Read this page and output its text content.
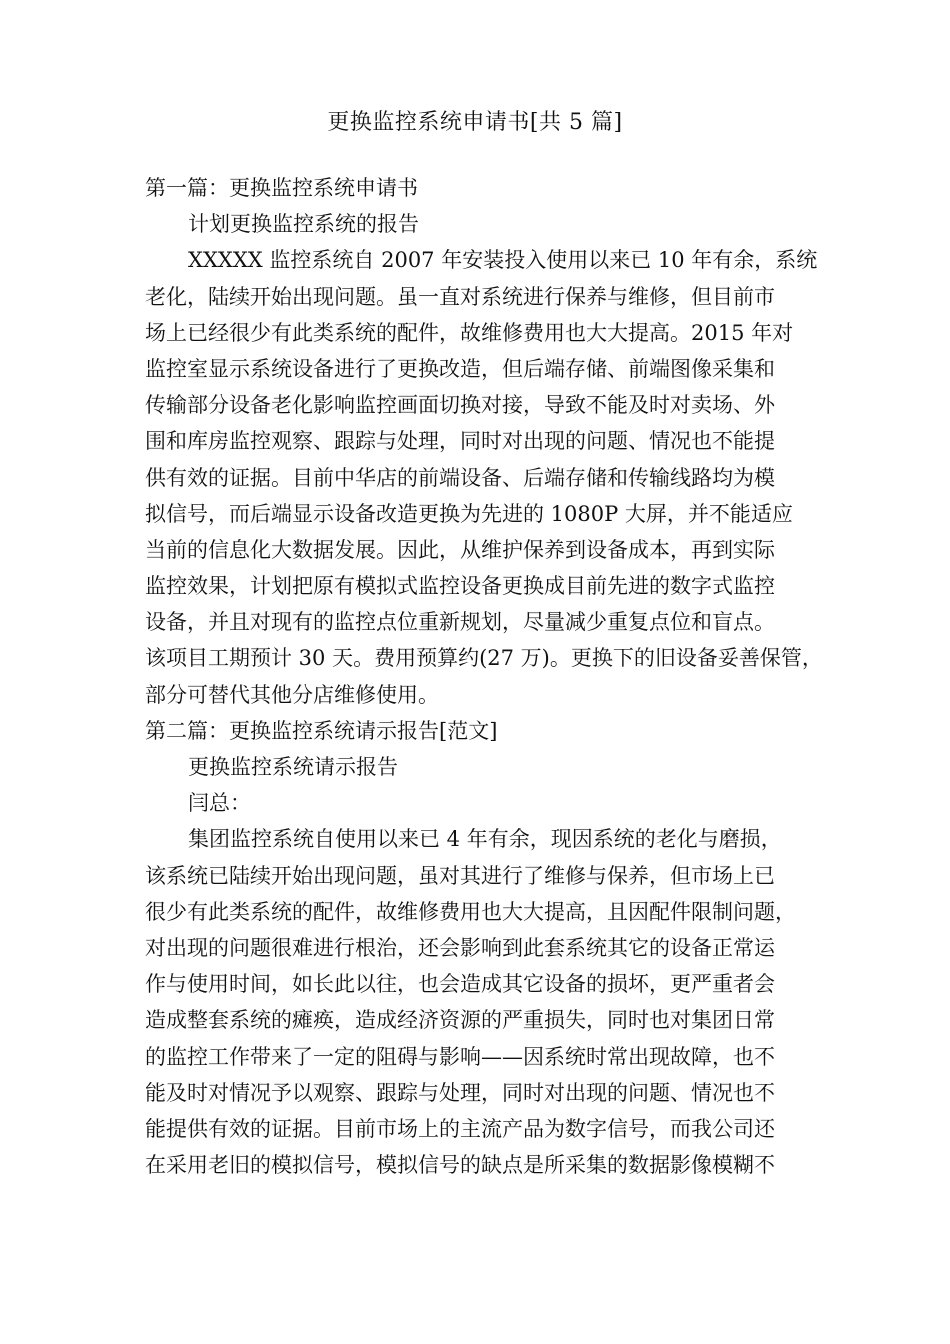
更换监控系统申请书[共 5 篇]
第一篇：更换监控系统申请书
计划更换监控系统的报告
XXXXX 监控系统自 2007 年安装投入使用以来已 10 年有余，系统
老化，陆续开始出现问题。虽一直对系统进行保养与维修，但目前市
场上已经很少有此类系统的配件，故维修费用也大大提高。2015 年对
监控室显示系统设备进行了更换改造，但后端存储、前端图像采集和
传输部分设备老化影响监控画面切换对接，导致不能及时对卖场、外
围和库房监控观察、跟踪与处理，同时对出现的问题、情况也不能提
供有效的证据。目前中华店的前端设备、后端存储和传输线路均为模
拟信号，而后端显示设备改造更换为先进的 1080P 大屏，并不能适应
当前的信息化大数据发展。因此，从维护保养到设备成本，再到实际
监控效果，计划把原有模拟式监控设备更换成目前先进的数字式监控
设备，并且对现有的监控点位重新规划，尽量减少重复点位和盲点。
该项目工期预计 30 天。费用预算约(27 万)。更换下的旧设备妥善保管，
部分可替代其他分店维修使用。
第二篇：更换监控系统请示报告[范文]
更换监控系统请示报告
闫总：
集团监控系统自使用以来已 4 年有余，现因系统的老化与磨损，
该系统已陆续开始出现问题，虽对其进行了维修与保养，但市场上已
很少有此类系统的配件，故维修费用也大大提高，且因配件限制问题，
对出现的问题很难进行根治，还会影响到此套系统其它的设备正常运
作与使用时间，如长此以往，也会造成其它设备的损坏，更严重者会
造成整套系统的瘫痪，造成经济资源的严重损失，同时也对集团日常
的监控工作带来了一定的阻碍与影响——因系统时常出现故障，也不
能及时对情况予以观察、跟踪与处理，同时对出现的问题、情况也不
能提供有效的证据。目前市场上的主流产品为数字信号，而我公司还
在采用老旧的模拟信号，模拟信号的缺点是所采集的数据影像模糊不
